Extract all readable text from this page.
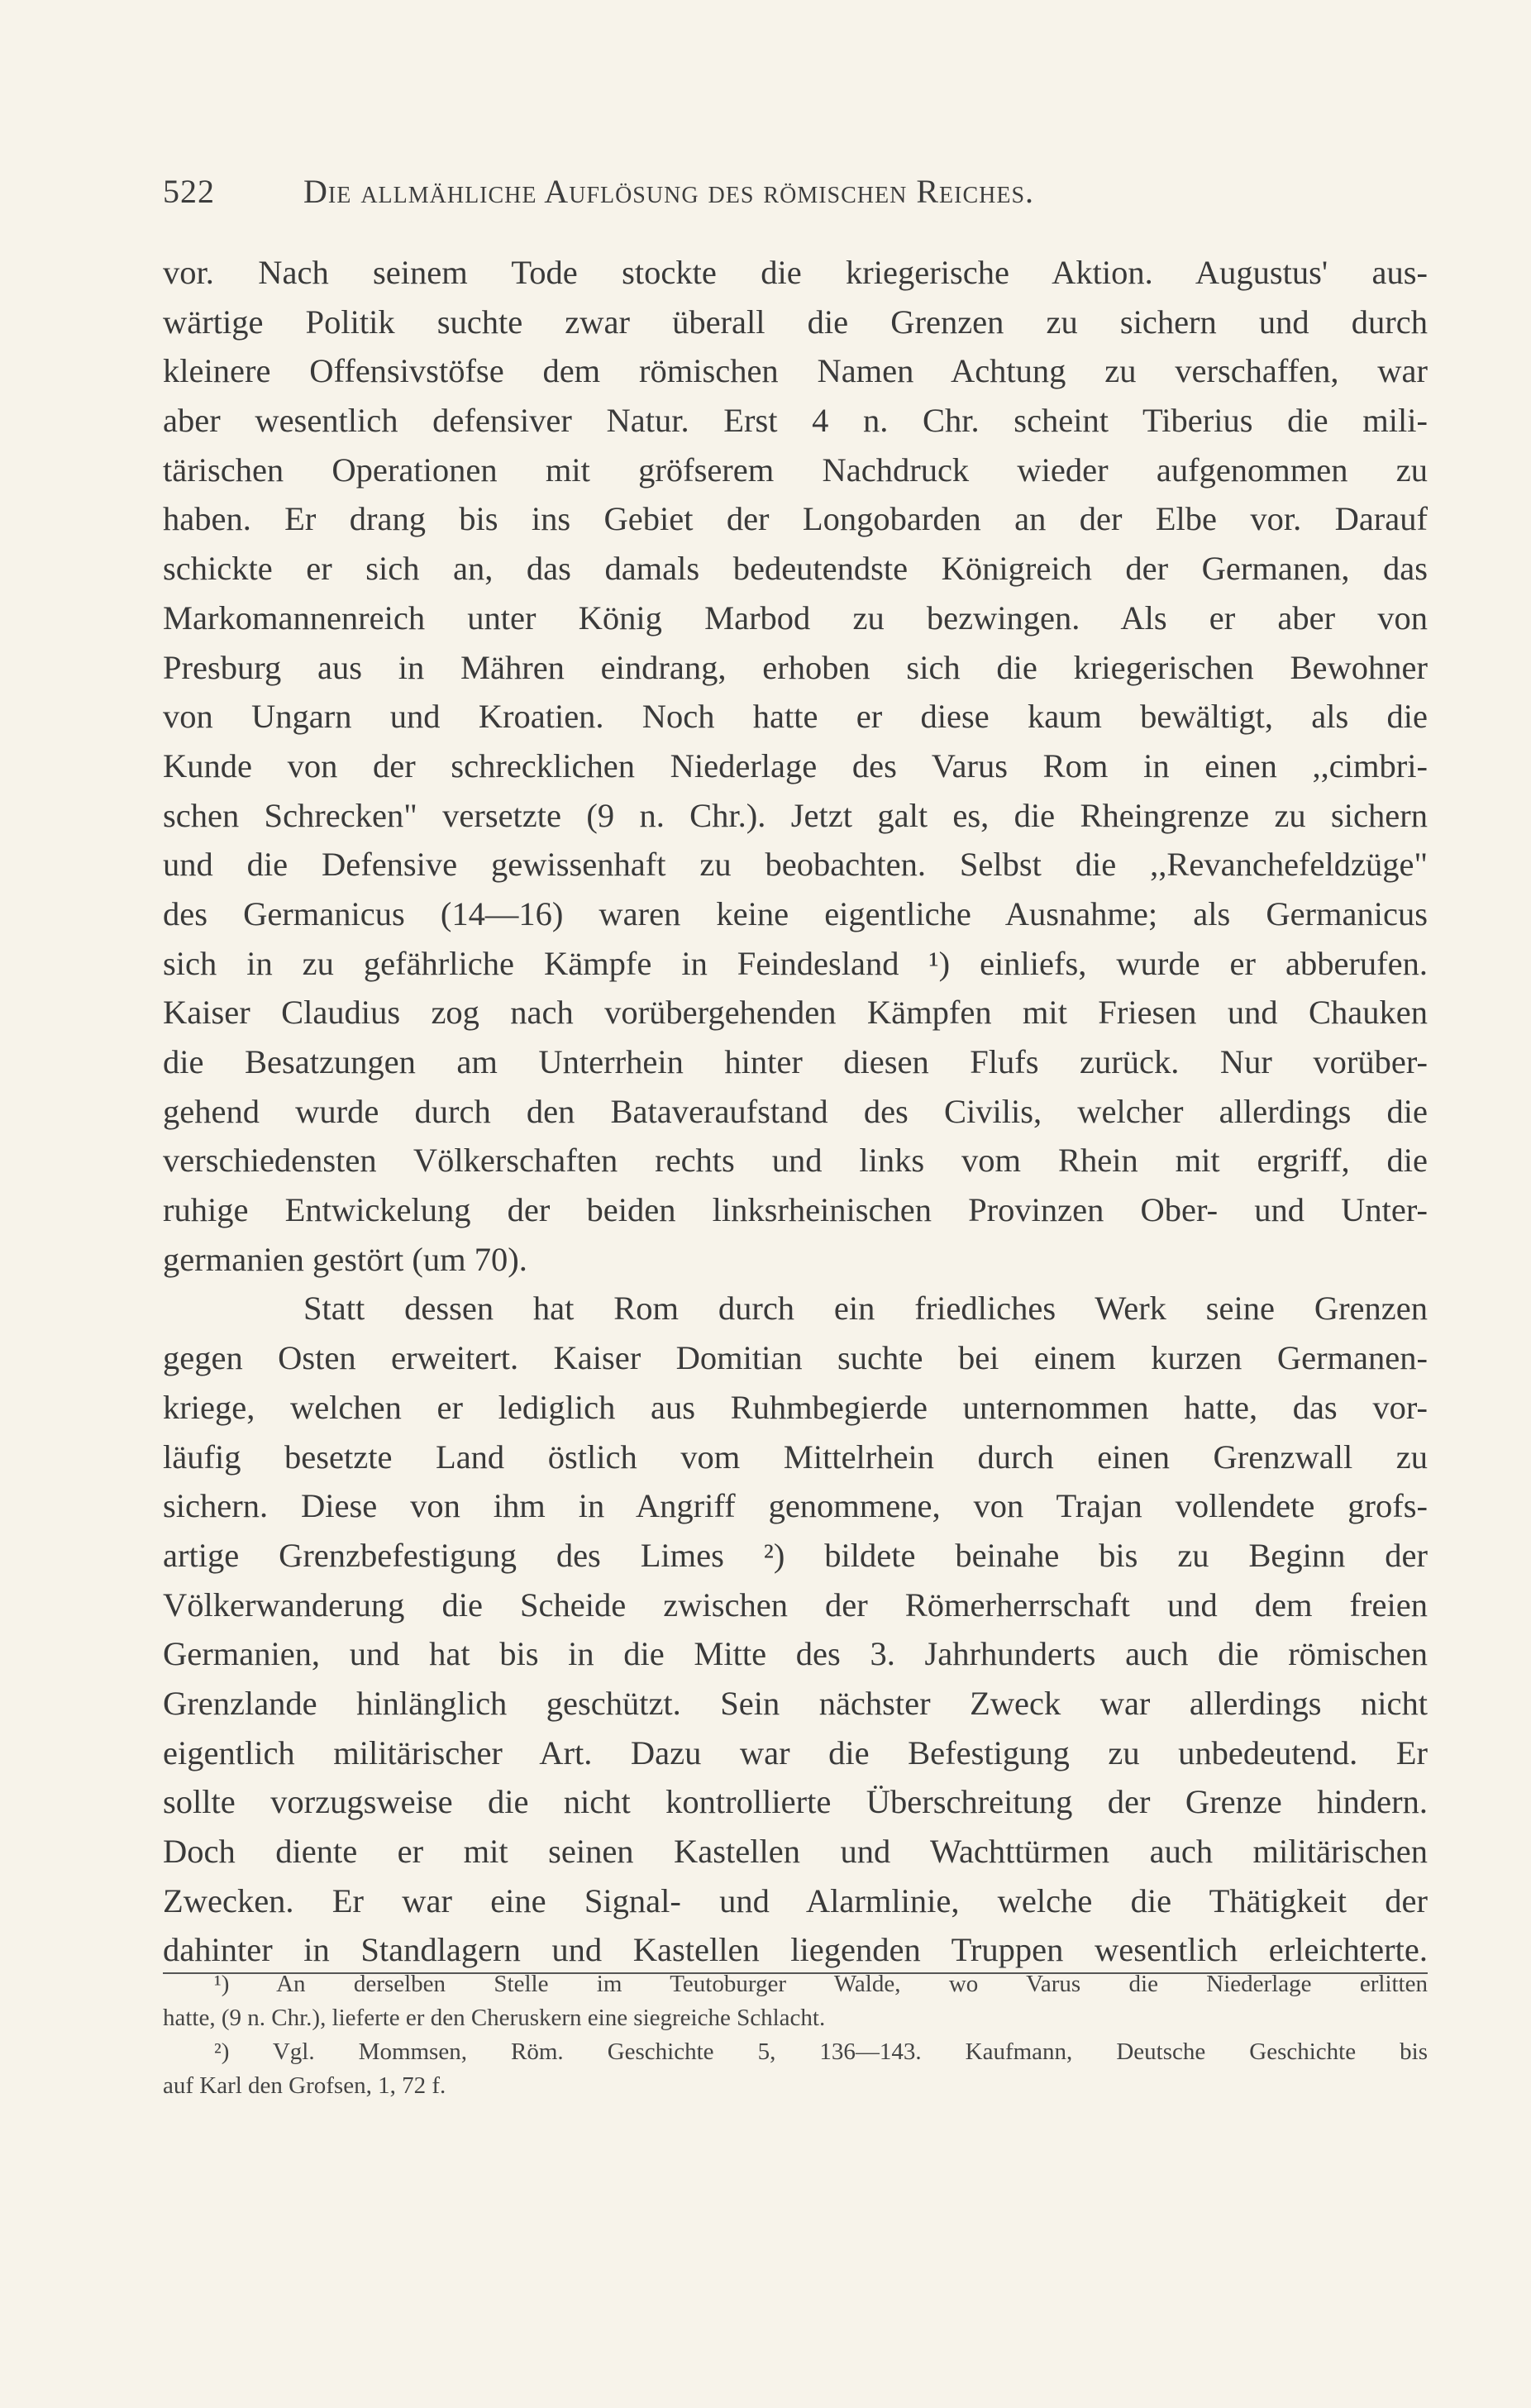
522	Die allmähliche Auflösung des römischen Reiches.
vor. Nach seinem Tode stockte die kriegerische Aktion. Augustus' aus-
wärtige Politik suchte zwar überall die Grenzen zu sichern und durch
kleinere Offensivstöfse dem römischen Namen Achtung zu verschaffen, war
aber wesentlich defensiver Natur. Erst 4 n. Chr. scheint Tiberius die mili-
tärischen Operationen mit gröfserem Nachdruck wieder aufgenommen zu
haben. Er drang bis ins Gebiet der Longobarden an der Elbe vor. Darauf
schickte er sich an, das damals bedeutendste Königreich der Germanen, das
Markomannenreich unter König Marbod zu bezwingen. Als er aber von
Presburg aus in Mähren eindrang, erhoben sich die kriegerischen Bewohner
von Ungarn und Kroatien. Noch hatte er diese kaum bewältigt, als die
Kunde von der schrecklichen Niederlage des Varus Rom in einen ,,cimbri-
schen Schrecken" versetzte (9 n. Chr.). Jetzt galt es, die Rheingrenze zu sichern
und die Defensive gewissenhaft zu beobachten. Selbst die ,,Revanchefeldzüge"
des Germanicus (14—16) waren keine eigentliche Ausnahme; als Germanicus
sich in zu gefährliche Kämpfe in Feindesland ¹) einliefs, wurde er abberufen.
Kaiser Claudius zog nach vorübergehenden Kämpfen mit Friesen und Chauken
die Besatzungen am Unterrhein hinter diesen Flufs zurück. Nur vorüber-
gehend wurde durch den Bataveraufstand des Civilis, welcher allerdings die
verschiedensten Völkerschaften rechts und links vom Rhein mit ergriff, die
ruhige Entwickelung der beiden linksrheinischen Provinzen Ober- und Unter-
germanien gestört (um 70).
Statt dessen hat Rom durch ein friedliches Werk seine Grenzen
gegen Osten erweitert. Kaiser Domitian suchte bei einem kurzen Germanen-
kriege, welchen er lediglich aus Ruhmbegierde unternommen hatte, das vor-
läufig besetzte Land östlich vom Mittelrhein durch einen Grenzwall zu
sichern. Diese von ihm in Angriff genommene, von Trajan vollendete grofs-
artige Grenzbefestigung des Limes ²) bildete beinahe bis zu Beginn der
Völkerwanderung die Scheide zwischen der Römerherrschaft und dem freien
Germanien, und hat bis in die Mitte des 3. Jahrhunderts auch die römischen
Grenzlande hinlänglich geschützt. Sein nächster Zweck war allerdings nicht
eigentlich militärischer Art. Dazu war die Befestigung zu unbedeutend. Er
sollte vorzugsweise die nicht kontrollierte Überschreitung der Grenze hindern.
Doch diente er mit seinen Kastellen und Wachttürmen auch militärischen
Zwecken. Er war eine Signal- und Alarmlinie, welche die Thätigkeit der
dahinter in Standlagern und Kastellen liegenden Truppen wesentlich erleichterte.
¹) An derselben Stelle im Teutoburger Walde, wo Varus die Niederlage erlitten
hatte, (9 n. Chr.), lieferte er den Cheruskern eine siegreiche Schlacht.
²) Vgl. Mommsen, Röm. Geschichte 5, 136—143. Kaufmann, Deutsche Geschichte bis
auf Karl den Grofsen, 1, 72 f.
